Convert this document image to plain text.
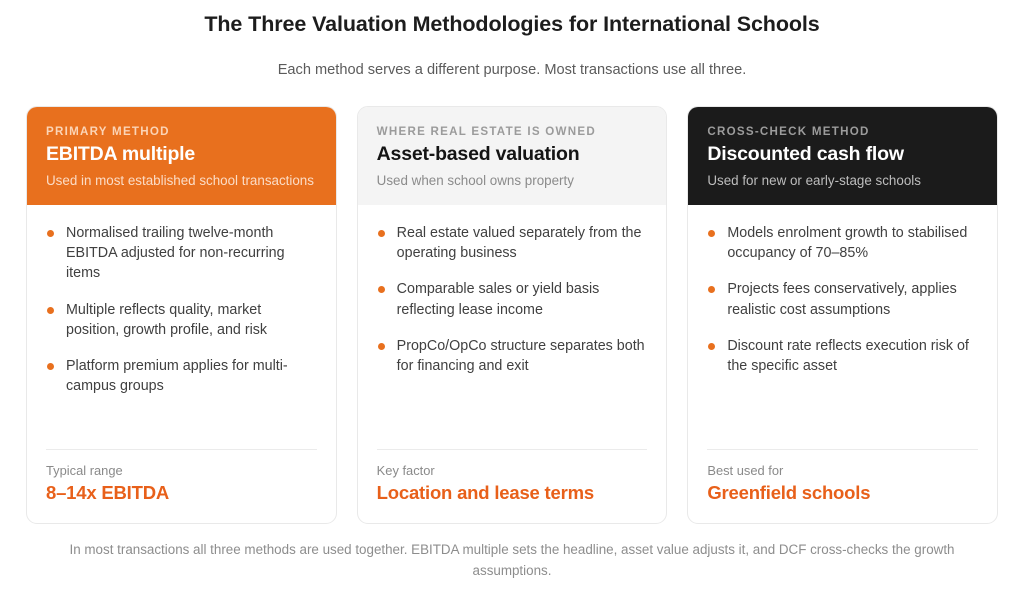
The Three Valuation Methodologies for International Schools

Each method serves a different purpose. Most transactions use all three.

PRIMARY METHOD

EBITDA multiple

Used in most established school transactions

Normalised trailing twelve-month EBITDA adjusted for non-recurring items
Multiple reflects quality, market position, growth profile, and risk
Platform premium applies for multi-campus groups

Typical range

8–14x EBITDA

WHERE REAL ESTATE IS OWNED

Asset-based valuation

Used when school owns property

Real estate valued separately from the operating business
Comparable sales or yield basis reflecting lease income
PropCo/OpCo structure separates both for financing and exit

Key factor

Location and lease terms

CROSS-CHECK METHOD

Discounted cash flow

Used for new or early-stage schools

Models enrolment growth to stabilised occupancy of 70–85%
Projects fees conservatively, applies realistic cost assumptions
Discount rate reflects execution risk of the specific asset

Best used for

Greenfield schools

In most transactions all three methods are used together. EBITDA multiple sets the headline, asset value adjusts it, and DCF cross-checks the growth assumptions.
